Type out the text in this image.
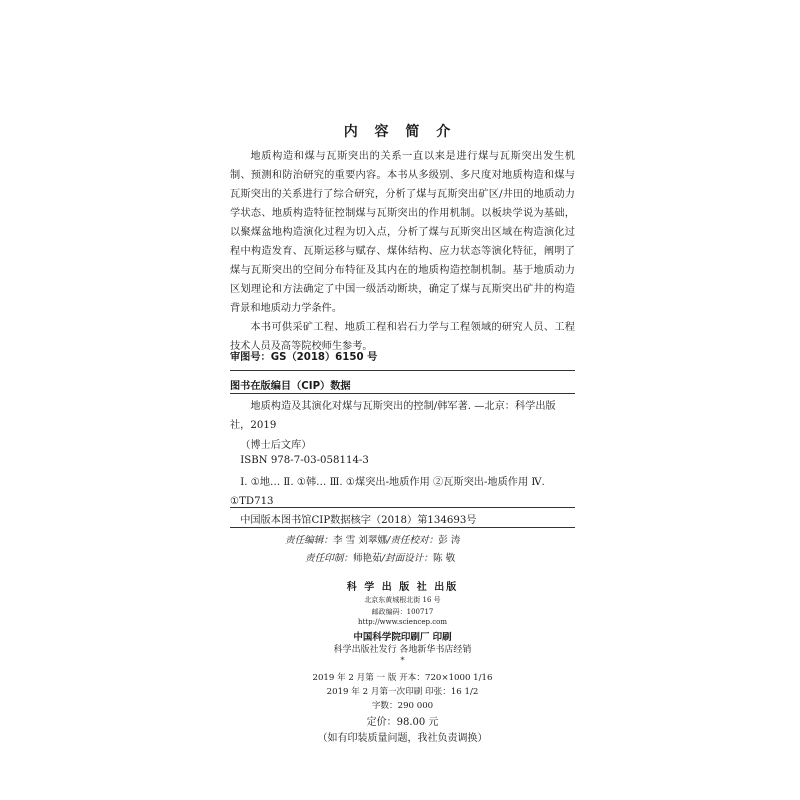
内 容 简 介

地质构造和煤与瓦斯突出的关系一直以来是进行煤与瓦斯突出发生机制、预测和防治研究的重要内容。本书从多级别、多尺度对地质构造和煤与瓦斯突出的关系进行了综合研究，分析了煤与瓦斯突出矿区/井田的地质动力学状态、地质构造特征控制煤与瓦斯突出的作用机制。以板块学说为基础，以聚煤盆地构造演化过程为切入点，分析了煤与瓦斯突出区域在构造演化过程中构造发育、瓦斯运移与赋存、煤体结构、应力状态等演化特征，阐明了煤与瓦斯突出的空间分布特征及其内在的地质构造控制机制。基于地质动力区划理论和方法确定了中国一级活动断块，确定了煤与瓦斯突出矿井的构造背景和地质动力学条件。

本书可供采矿工程、地质工程和岩石力学与工程领域的研究人员、工程技术人员及高等院校师生参考。

审图号：GS（2018）6150 号
图书在版编目（CIP）数据
地质构造及其演化对煤与瓦斯突出的控制/韩军著. —北京：科学出版社，2019
（博士后文库）
ISBN 978-7-03-058114-3
Ⅰ. ①地… Ⅱ. ①韩… Ⅲ. ①煤突出-地质作用 ②瓦斯突出-地质作用 Ⅳ. ①TD713
中国版本图书馆CIP数据核字（2018）第134693号
责任编辑：李 雪 刘翠娜/责任校对：彭 涛
责任印制：师艳茹/封面设计：陈 敬
科 学 出 版 社 出版
北京东黄城根北街 16 号
邮政编码：100717
http://www.sciencep.com
中国科学院印刷厂 印刷
科学出版社发行 各地新华书店经销
*
2019 年 2 月第 一 版 开本：720×1000 1/16
2019 年 2 月第一次印刷 印张：16 1/2
字数：290 000
定价：98.00 元
（如有印装质量问题，我社负责调换）
